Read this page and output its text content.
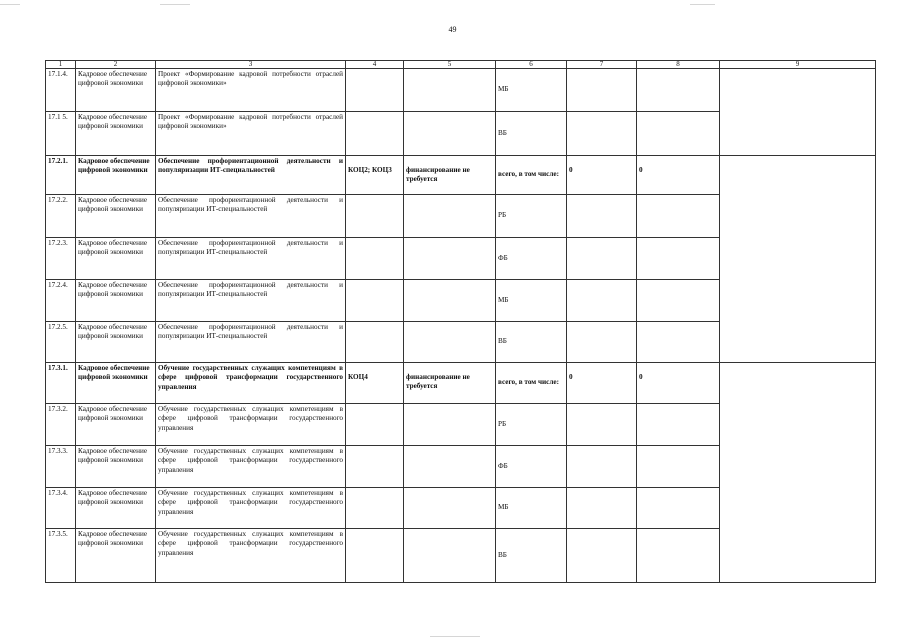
49
1	2	3	4	5	6	7	8	9
17.1.4.	Кадровое обеспечение цифровой экономики	Проект «Формирование кадровой потребности отраслей цифровой экономики»			МБ			
17.1 5.	Кадровое обеспечение цифровой экономики	Проект «Формирование кадровой потребности отраслей цифровой экономики»			ВБ			
17.2.1.	Кадровое обеспечение цифровой экономики	Обеспечение профориентационной деятельности и популяризации ИТ-специальностей	КОЦ2; КОЦ3	финансирование не требуется	всего, в том числе:	0	0	
17.2.2.	Кадровое обеспечение цифровой экономики	Обеспечение профориентационной деятельности и популяризации ИТ-специальностей			РБ			
17.2.3.	Кадровое обеспечение цифровой экономики	Обеспечение профориентационной деятельности и популяризации ИТ-специальностей			ФБ			
17.2.4.	Кадровое обеспечение цифровой экономики	Обеспечение профориентационной деятельности и популяризации ИТ-специальностей			МБ			
17.2.5.	Кадровое обеспечение цифровой экономики	Обеспечение профориентационной деятельности и популяризации ИТ-специальностей			ВБ			
17.3.1.	Кадровое обеспечение цифровой экономики	Обучение государственных служащих компетенциям в сфере цифровой трансформации государственного управления	КОЦ4	финансирование не требуется	всего, в том числе:	0	0	
17.3.2.	Кадровое обеспечение цифровой экономики	Обучение государственных служащих компетенциям в сфере цифровой трансформации государственного управления			РБ			
17.3.3.	Кадровое обеспечение цифровой экономики	Обучение государственных служащих компетенциям в сфере цифровой трансформации государственного управления			ФБ			
17.3.4.	Кадровое обеспечение цифровой экономики	Обучение государственных служащих компетенциям в сфере цифровой трансформации государственного управления			МБ			
17.3.5.	Кадровое обеспечение цифровой экономики	Обучение государственных служащих компетенциям в сфере цифровой трансформации государственного управления			ВБ			
